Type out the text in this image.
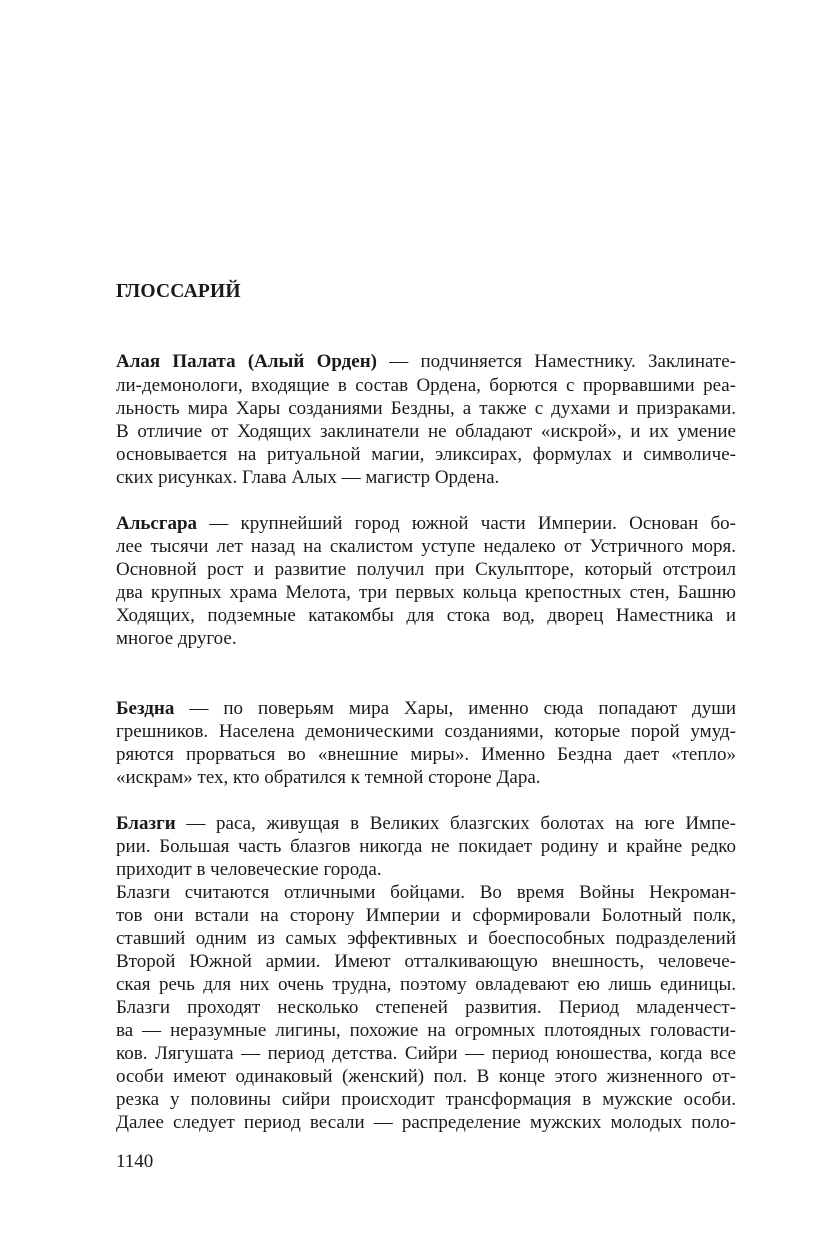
ГЛОССАРИЙ
Алая Палата (Алый Орден) — подчиняется Наместнику. Заклинате-
ли-демонологи, входящие в состав Ордена, борются с прорвавшими реа-
льность мира Хары созданиями Бездны, а также с духами и призраками.
В отличие от Ходящих заклинатели не обладают «искрой», и их умение
основывается на ритуальной магии, эликсирах, формулах и символиче-
ских рисунках. Глава Алых — магистр Ордена.
Альсгара — крупнейший город южной части Империи. Основан бо-
лее тысячи лет назад на скалистом уступе недалеко от Устричного моря.
Основной рост и развитие получил при Скульпторе, который отстроил
два крупных храма Мелота, три первых кольца крепостных стен, Башню
Ходящих, подземные катакомбы для стока вод, дворец Наместника и
многое другое.
Бездна — по поверьям мира Хары, именно сюда попадают души
грешников. Населена демоническими созданиями, которые порой умуд-
ряются прорваться во «внешние миры». Именно Бездна дает «тепло»
«искрам» тех, кто обратился к темной стороне Дара.
Блазги — раса, живущая в Великих блазгских болотах на юге Импе-
рии. Большая часть блазгов никогда не покидает родину и крайне редко
приходит в человеческие города.
Блазги считаются отличными бойцами. Во время Войны Некроман-
тов они встали на сторону Империи и сформировали Болотный полк,
ставший одним из самых эффективных и боеспособных подразделений
Второй Южной армии. Имеют отталкивающую внешность, человече-
ская речь для них очень трудна, поэтому овладевают ею лишь единицы.
Блазги проходят несколько степеней развития. Период младенчест-
ва — неразумные лигины, похожие на огромных плотоядных головасти-
ков. Лягушата — период детства. Сийри — период юношества, когда все
особи имеют одинаковый (женский) пол. В конце этого жизненного от-
резка у половины сийри происходит трансформация в мужские особи.
Далее следует период весали — распределение мужских молодых поло-
1140
